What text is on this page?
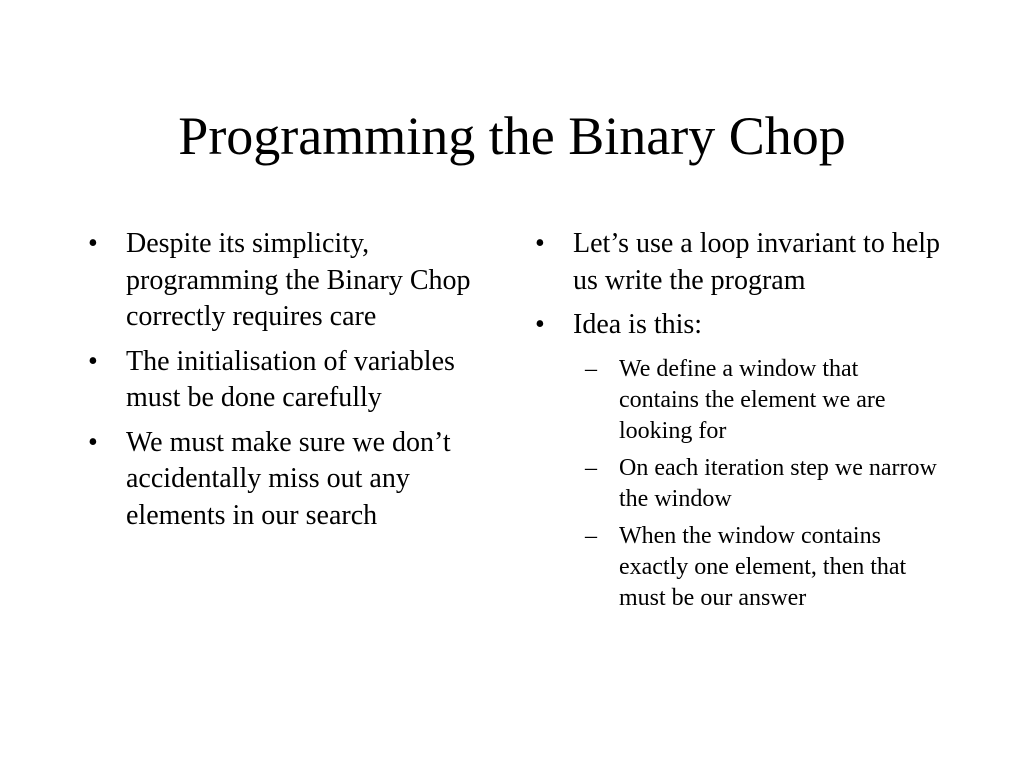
Programming the Binary Chop
• Despite its simplicity, programming the Binary Chop correctly requires care
• The initialisation of variables must be done carefully
• We must make sure we don’t accidentally miss out any elements in our search
• Let’s use a loop invariant to help us write the program
• Idea is this:
– We define a window that contains the element we are looking for
– On each iteration step we narrow the window
– When the window contains exactly one element, then that must be our answer
